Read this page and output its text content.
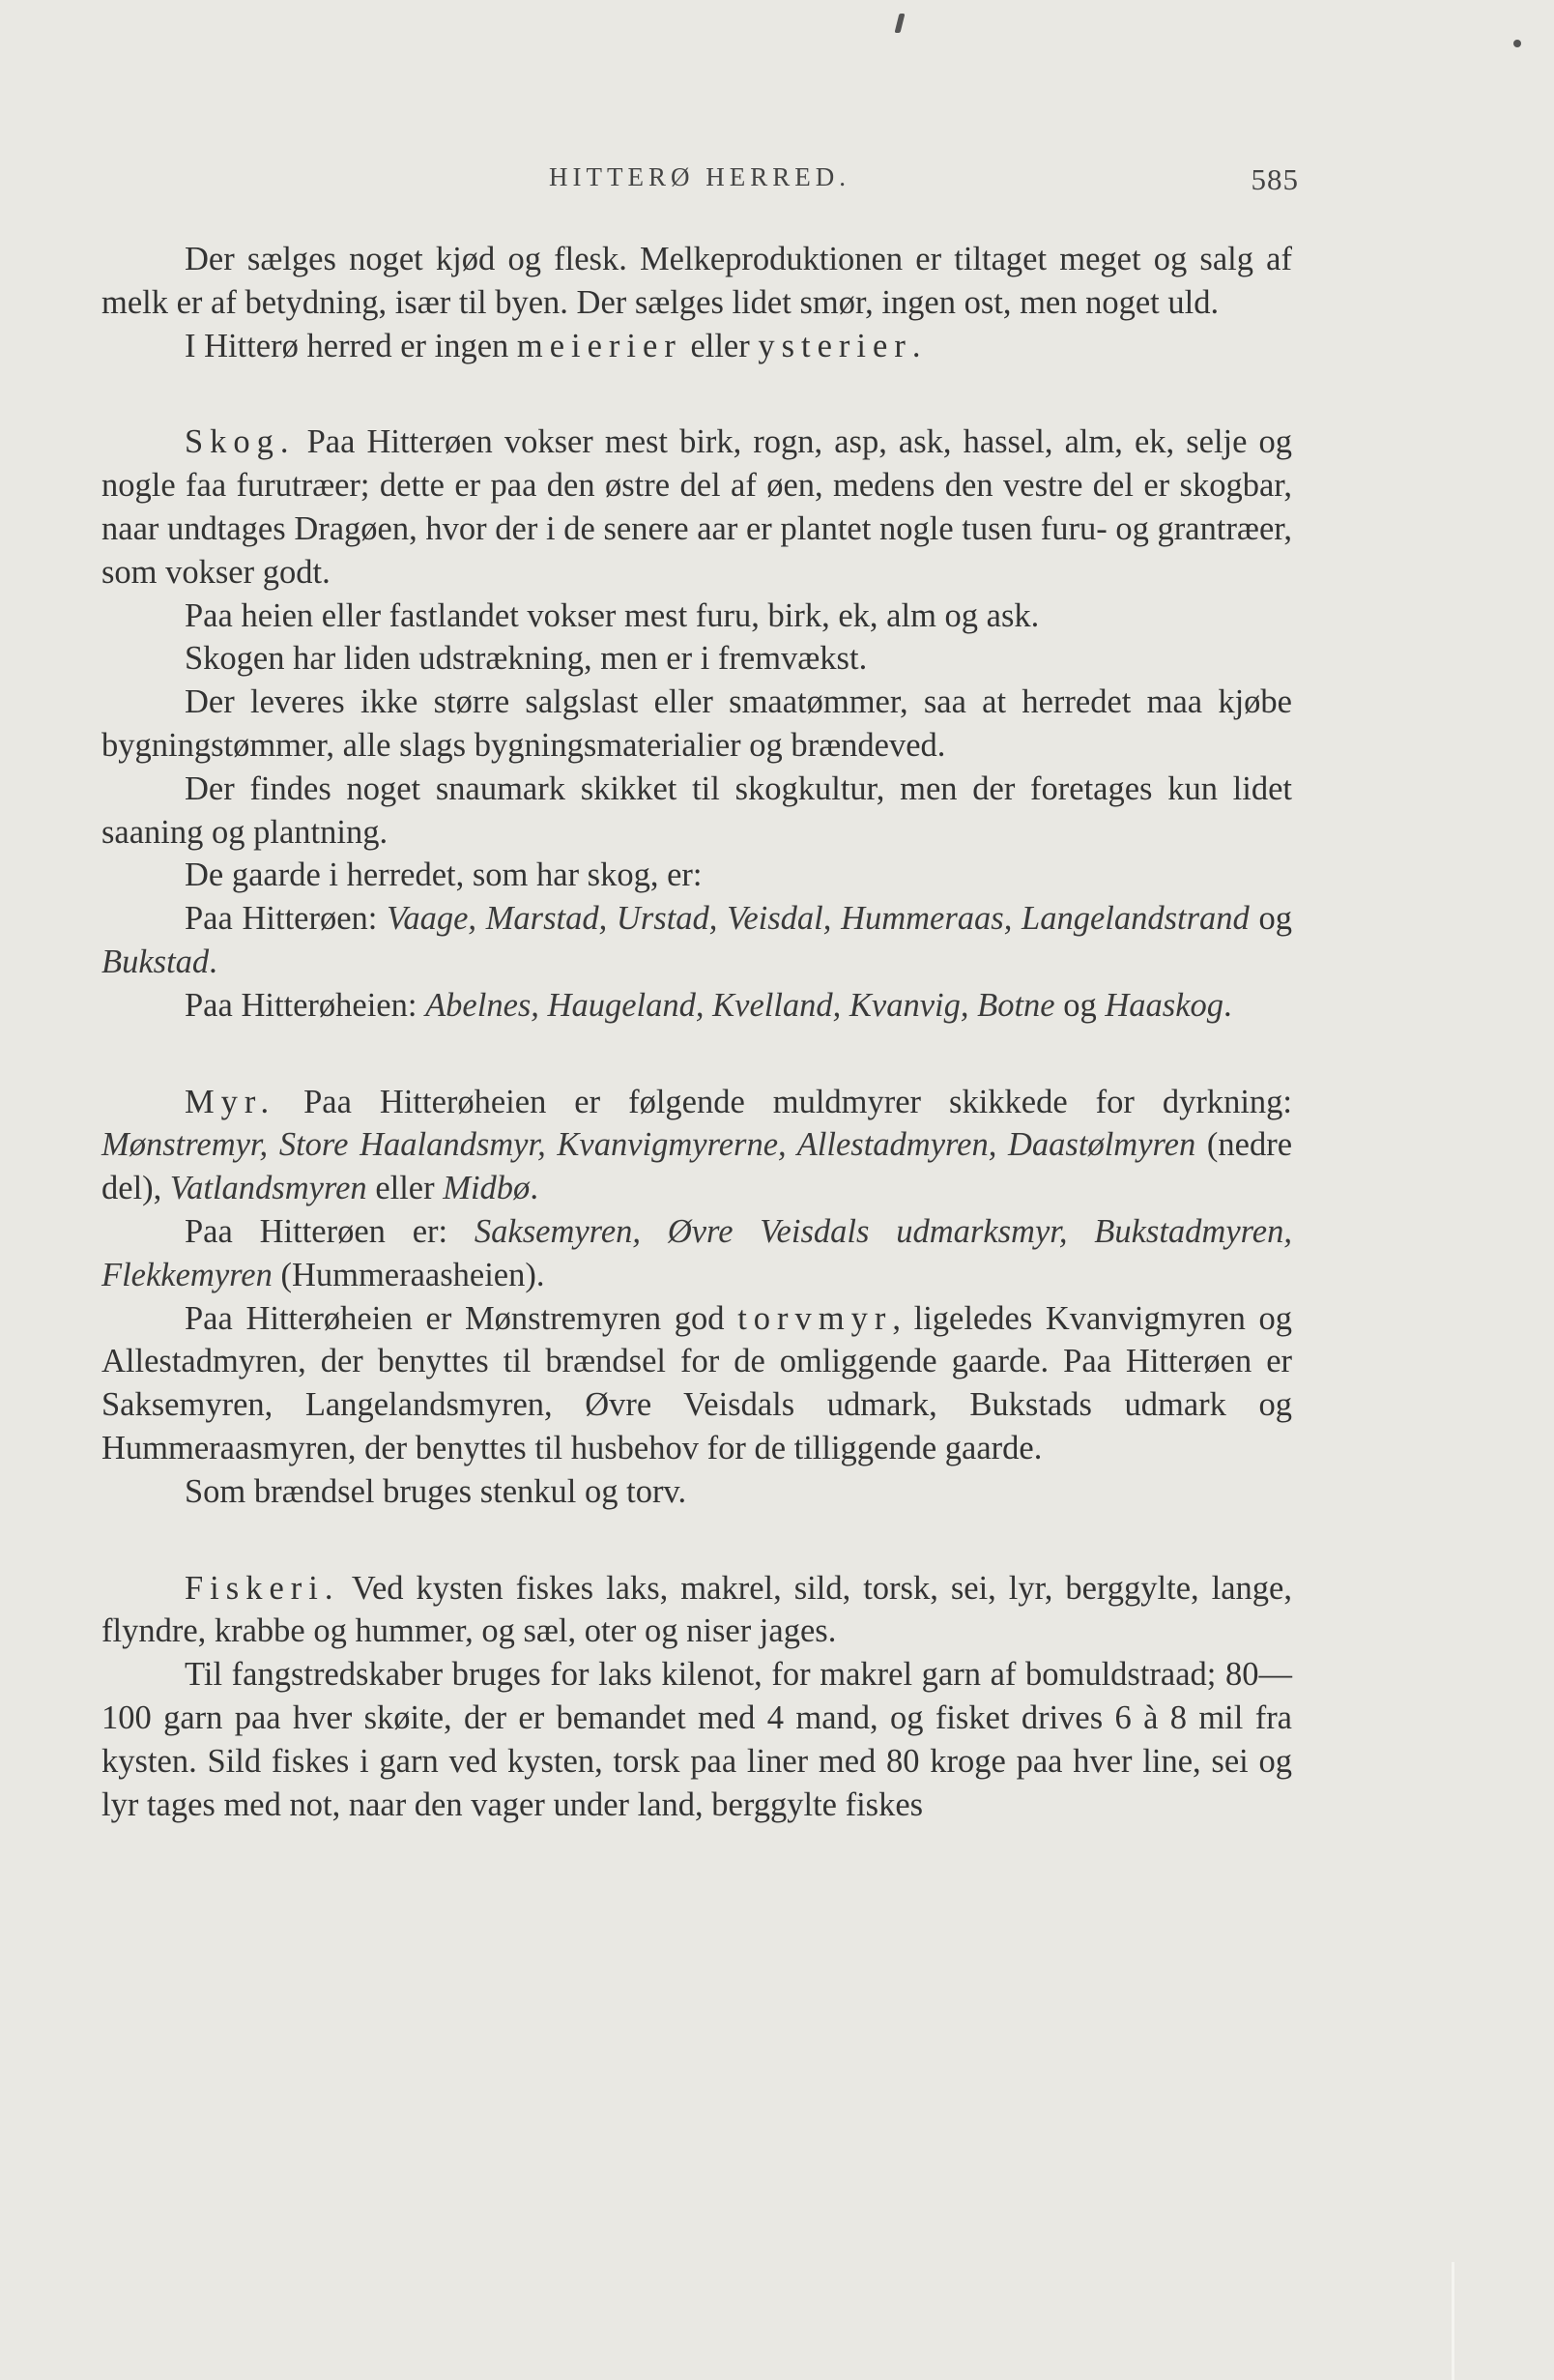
HITTERØ HERRED.	585

Der sælges noget kjød og flesk. Melkeproduktionen er tiltaget meget og salg af melk er af betydning, især til byen. Der sælges lidet smør, ingen ost, men noget uld.

I Hitterø herred er ingen meierier eller ysterier.

Skog. Paa Hitterøen vokser mest birk, rogn, asp, ask, hassel, alm, ek, selje og nogle faa furutræer; dette er paa den østre del af øen, medens den vestre del er skogbar, naar undtages Dragøen, hvor der i de senere aar er plantet nogle tusen furu- og grantræer, som vokser godt.

Paa heien eller fastlandet vokser mest furu, birk, ek, alm og ask.

Skogen har liden udstrækning, men er i fremvækst.

Der leveres ikke større salgslast eller smaatømmer, saa at herredet maa kjøbe bygningstømmer, alle slags bygningsmaterialier og brændeved.

Der findes noget snaumark skikket til skogkultur, men der foretages kun lidet saaning og plantning.

De gaarde i herredet, som har skog, er:

Paa Hitterøen: Vaage, Marstad, Urstad, Veisdal, Hummeraas, Langelandstrand og Bukstad.

Paa Hitterøheien: Abelnes, Haugeland, Kvelland, Kvanvig, Botne og Haaskog.

Myr. Paa Hitterøheien er følgende muldmyrer skikkede for dyrkning: Mønstremyr, Store Haalandsmyr, Kvanvigmyrerne, Allestadmyren, Daastølmyren (nedre del), Vatlandsmyren eller Midbø.

Paa Hitterøen er: Saksemyren, Øvre Veisdals udmarksmyr, Bukstadmyren, Flekkemyren (Hummeraasheien).

Paa Hitterøheien er Mønstremyren god torvmyr, ligeledes Kvanvigmyren og Allestadmyren, der benyttes til brændsel for de omliggende gaarde. Paa Hitterøen er Saksemyren, Langelandsmyren, Øvre Veisdals udmark, Bukstads udmark og Hummeraasmyren, der benyttes til husbehov for de tilliggende gaarde.

Som brændsel bruges stenkul og torv.

Fiskeri. Ved kysten fiskes laks, makrel, sild, torsk, sei, lyr, berggylte, lange, flyndre, krabbe og hummer, og sæl, oter og niser jages.

Til fangstredskaber bruges for laks kilenot, for makrel garn af bomuldstraad; 80—100 garn paa hver skøite, der er bemandet med 4 mand, og fisket drives 6 à 8 mil fra kysten. Sild fiskes i garn ved kysten, torsk paa liner med 80 kroge paa hver line, sei og lyr tages med not, naar den vager under land, berggylte fiskes
